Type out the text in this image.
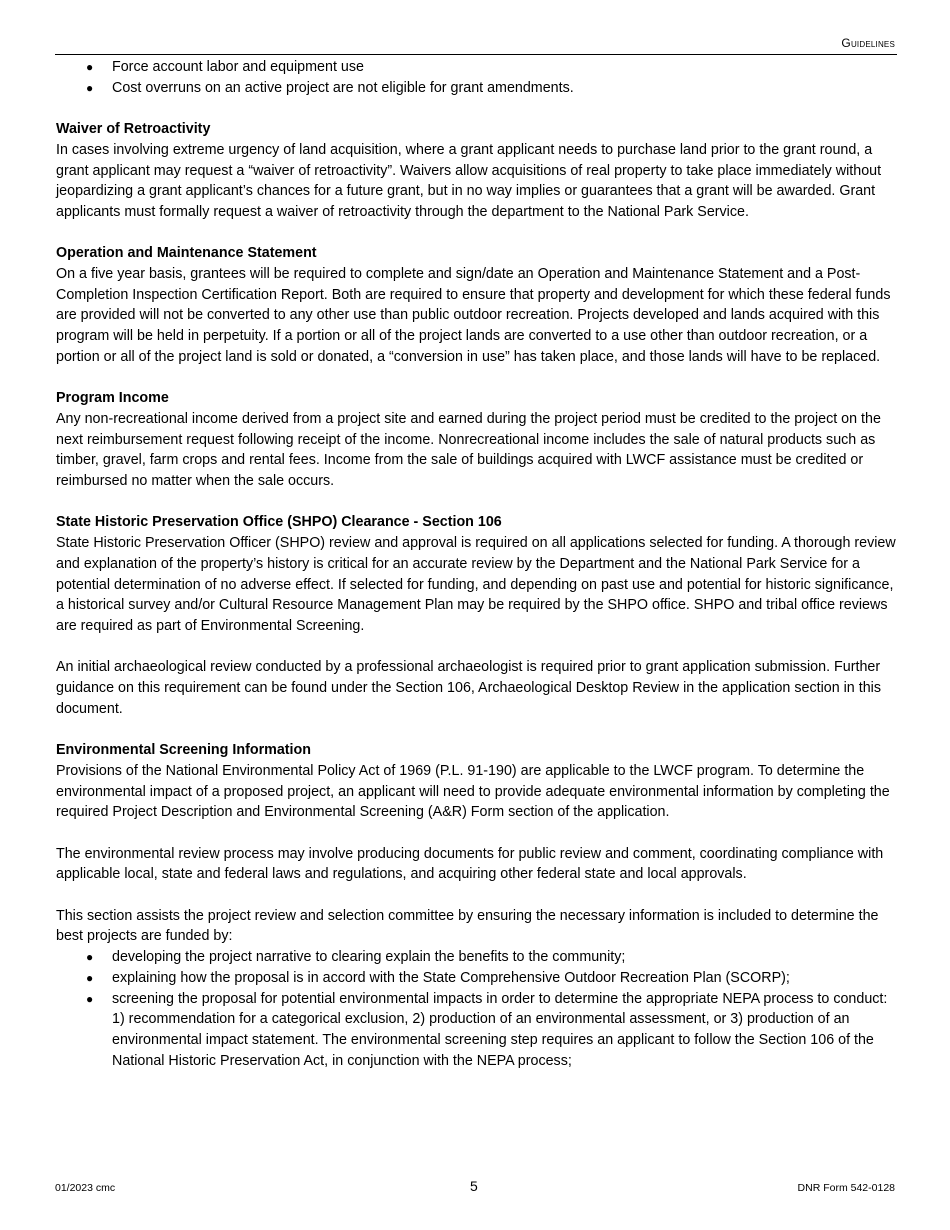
Guidelines
● Force account labor and equipment use
● Cost overruns on an active project are not eligible for grant amendments.

Waiver of Retroactivity

In cases involving extreme urgency of land acquisition, where a grant applicant needs to purchase land prior to the grant round, a grant applicant may request a “waiver of retroactivity”. Waivers allow acquisitions of real property to take place immediately without jeopardizing a grant applicant’s chances for a future grant, but in no way implies or guarantees that a grant will be awarded. Grant applicants must formally request a waiver of retroactivity through the department to the National Park Service.

Operation and Maintenance Statement

On a five year basis, grantees will be required to complete and sign/date an Operation and Maintenance Statement and a Post-Completion Inspection Certification Report. Both are required to ensure that property and development for which these federal funds are provided will not be converted to any other use than public outdoor recreation. Projects developed and lands acquired with this program will be held in perpetuity. If a portion or all of the project lands are converted to a use other than outdoor recreation, or a portion or all of the project land is sold or donated, a “conversion in use” has taken place, and those lands will have to be replaced.

Program Income

Any non-recreational income derived from a project site and earned during the project period must be credited to the project on the next reimbursement request following receipt of the income. Nonrecreational income includes the sale of natural products such as timber, gravel, farm crops and rental fees. Income from the sale of buildings acquired with LWCF assistance must be credited or reimbursed no matter when the sale occurs.

State Historic Preservation Office (SHPO) Clearance - Section 106

State Historic Preservation Officer (SHPO) review and approval is required on all applications selected for funding. A thorough review and explanation of the property’s history is critical for an accurate review by the Department and the National Park Service for a potential determination of no adverse effect. If selected for funding, and depending on past use and potential for historic significance, a historical survey and/or Cultural Resource Management Plan may be required by the SHPO office. SHPO and tribal office reviews are required as part of Environmental Screening.

An initial archaeological review conducted by a professional archaeologist is required prior to grant application submission. Further guidance on this requirement can be found under the Section 106, Archaeological Desktop Review in the application section in this document.

Environmental Screening Information

Provisions of the National Environmental Policy Act of 1969 (P.L. 91-190) are applicable to the LWCF program. To determine the environmental impact of a proposed project, an applicant will need to provide adequate environmental information by completing the required Project Description and Environmental Screening (A&R) Form section of the application.

The environmental review process may involve producing documents for public review and comment, coordinating compliance with applicable local, state and federal laws and regulations, and acquiring other federal state and local approvals.

This section assists the project review and selection committee by ensuring the necessary information is included to determine the best projects are funded by:

● developing the project narrative to clearing explain the benefits to the community;
● explaining how the proposal is in accord with the State Comprehensive Outdoor Recreation Plan (SCORP);
● screening the proposal for potential environmental impacts in order to determine the appropriate NEPA process to conduct: 1) recommendation for a categorical exclusion, 2) production of an environmental assessment, or 3) production of an environmental impact statement. The environmental screening step requires an applicant to follow the Section 106 of the National Historic Preservation Act, in conjunction with the NEPA process;
01/2023 cmc	5	DNR Form 542-0128
